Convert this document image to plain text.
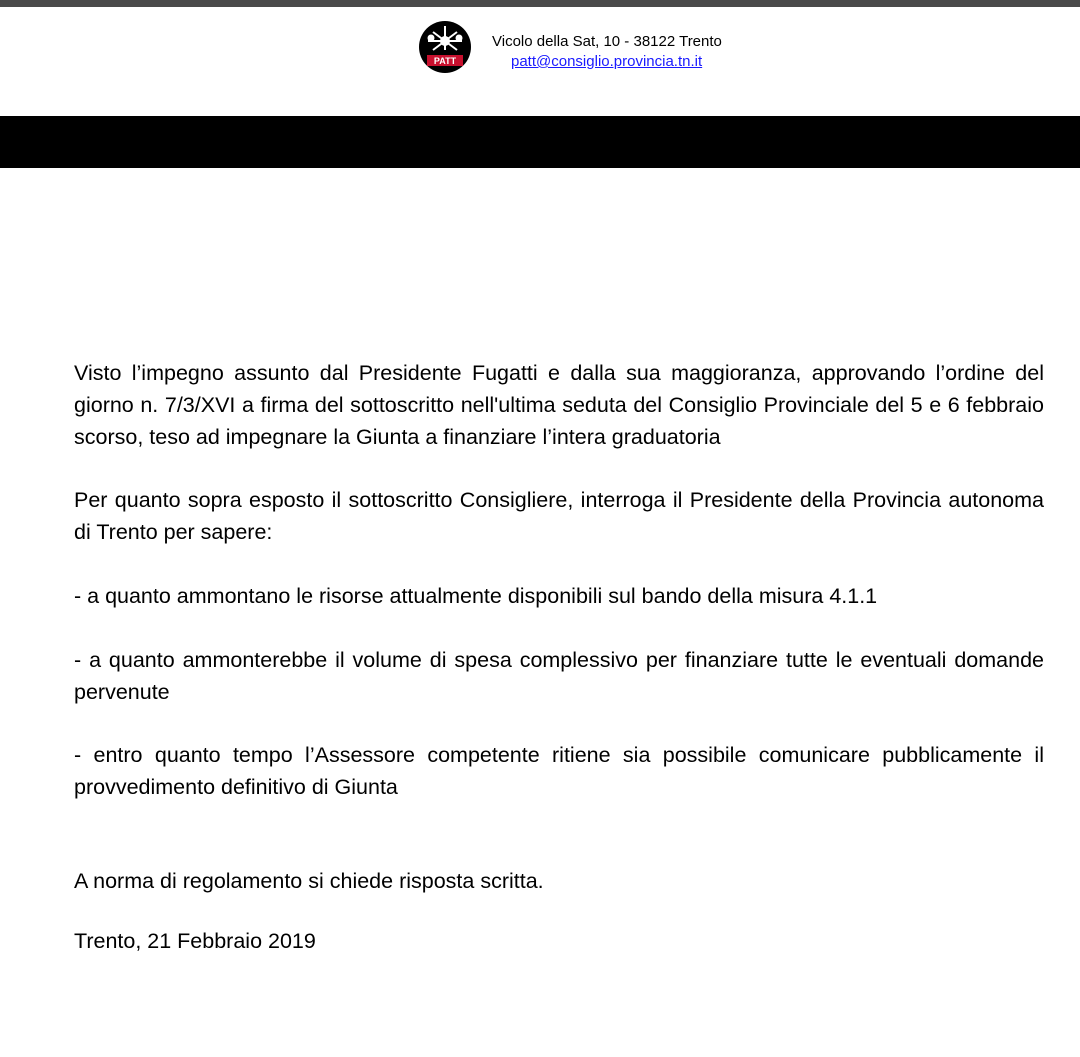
PATT
Vicolo della Sat, 10 - 38122 Trento
patt@consiglio.provincia.tn.it

Visto l’impegno assunto dal Presidente Fugatti e dalla sua maggioranza, approvando l’ordine del giorno n. 7/3/XVI a firma del sottoscritto nell'ultima seduta del Consiglio Provinciale del 5 e 6 febbraio scorso, teso ad impegnare la Giunta a finanziare l’intera graduatoria

Per quanto sopra esposto il sottoscritto Consigliere, interroga il Presidente della Provincia autonoma di Trento per sapere:

- a quanto ammontano le risorse attualmente disponibili sul bando della misura 4.1.1

- a quanto ammonterebbe il volume di spesa complessivo per finanziare tutte le eventuali domande pervenute

- entro quanto tempo l’Assessore competente ritiene sia possibile comunicare pubblicamente il provvedimento definitivo di Giunta

A norma di regolamento si chiede risposta scritta.

Trento, 21 Febbraio 2019
